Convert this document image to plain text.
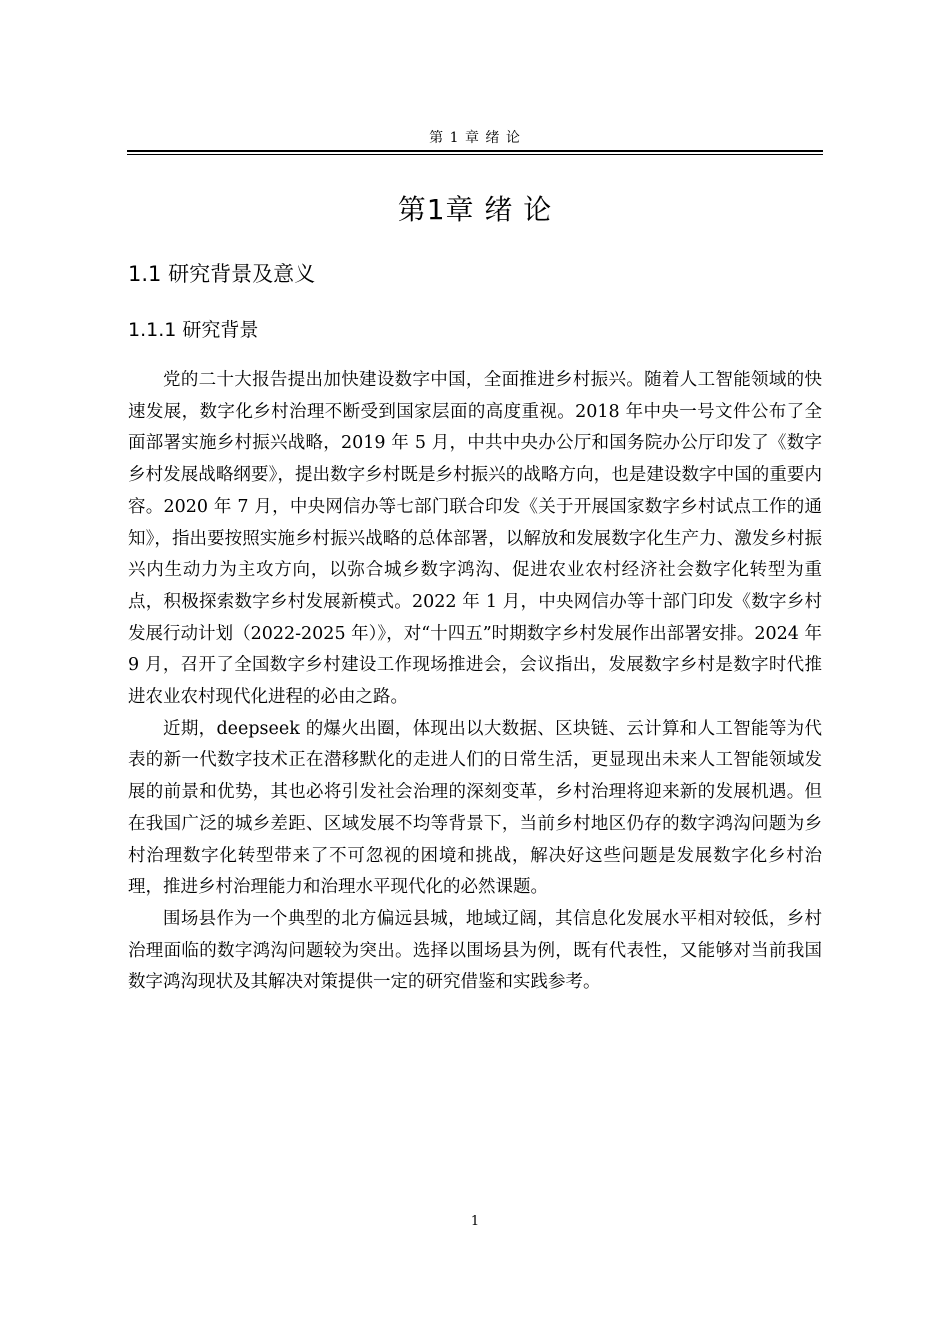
第 1 章 绪 论
第1章 绪 论
1.1 研究背景及意义
1.1.1 研究背景

党的二十大报告提出加快建设数字中国，全面推进乡村振兴。随着人工智能领域的快速发展，数字化乡村治理不断受到国家层面的高度重视。2018 年中央一号文件公布了全面部署实施乡村振兴战略，2019 年 5 月，中共中央办公厅和国务院办公厅印发了《数字乡村发展战略纲要》，提出数字乡村既是乡村振兴的战略方向，也是建设数字中国的重要内容。2020 年 7 月，中央网信办等七部门联合印发《关于开展国家数字乡村试点工作的通知》，指出要按照实施乡村振兴战略的总体部署，以解放和发展数字化生产力、激发乡村振兴内生动力为主攻方向，以弥合城乡数字鸿沟、促进农业农村经济社会数字化转型为重点，积极探索数字乡村发展新模式。2022 年 1 月，中央网信办等十部门印发《数字乡村发展行动计划（2022-2025 年）》，对“十四五”时期数字乡村发展作出部署安排。2024 年 9 月，召开了全国数字乡村建设工作现场推进会，会议指出，发展数字乡村是数字时代推进农业农村现代化进程的必由之路。

近期，deepseek 的爆火出圈，体现出以大数据、区块链、云计算和人工智能等为代表的新一代数字技术正在潜移默化的走进人们的日常生活，更显现出未来人工智能领域发展的前景和优势，其也必将引发社会治理的深刻变革，乡村治理将迎来新的发展机遇。但在我国广泛的城乡差距、区域发展不均等背景下，当前乡村地区仍存的数字鸿沟问题为乡村治理数字化转型带来了不可忽视的困境和挑战，解决好这些问题是发展数字化乡村治理，推进乡村治理能力和治理水平现代化的必然课题。

围场县作为一个典型的北方偏远县城，地域辽阔，其信息化发展水平相对较低，乡村治理面临的数字鸿沟问题较为突出。选择以围场县为例，既有代表性，又能够对当前我国数字鸿沟现状及其解决对策提供一定的研究借鉴和实践参考。

1
